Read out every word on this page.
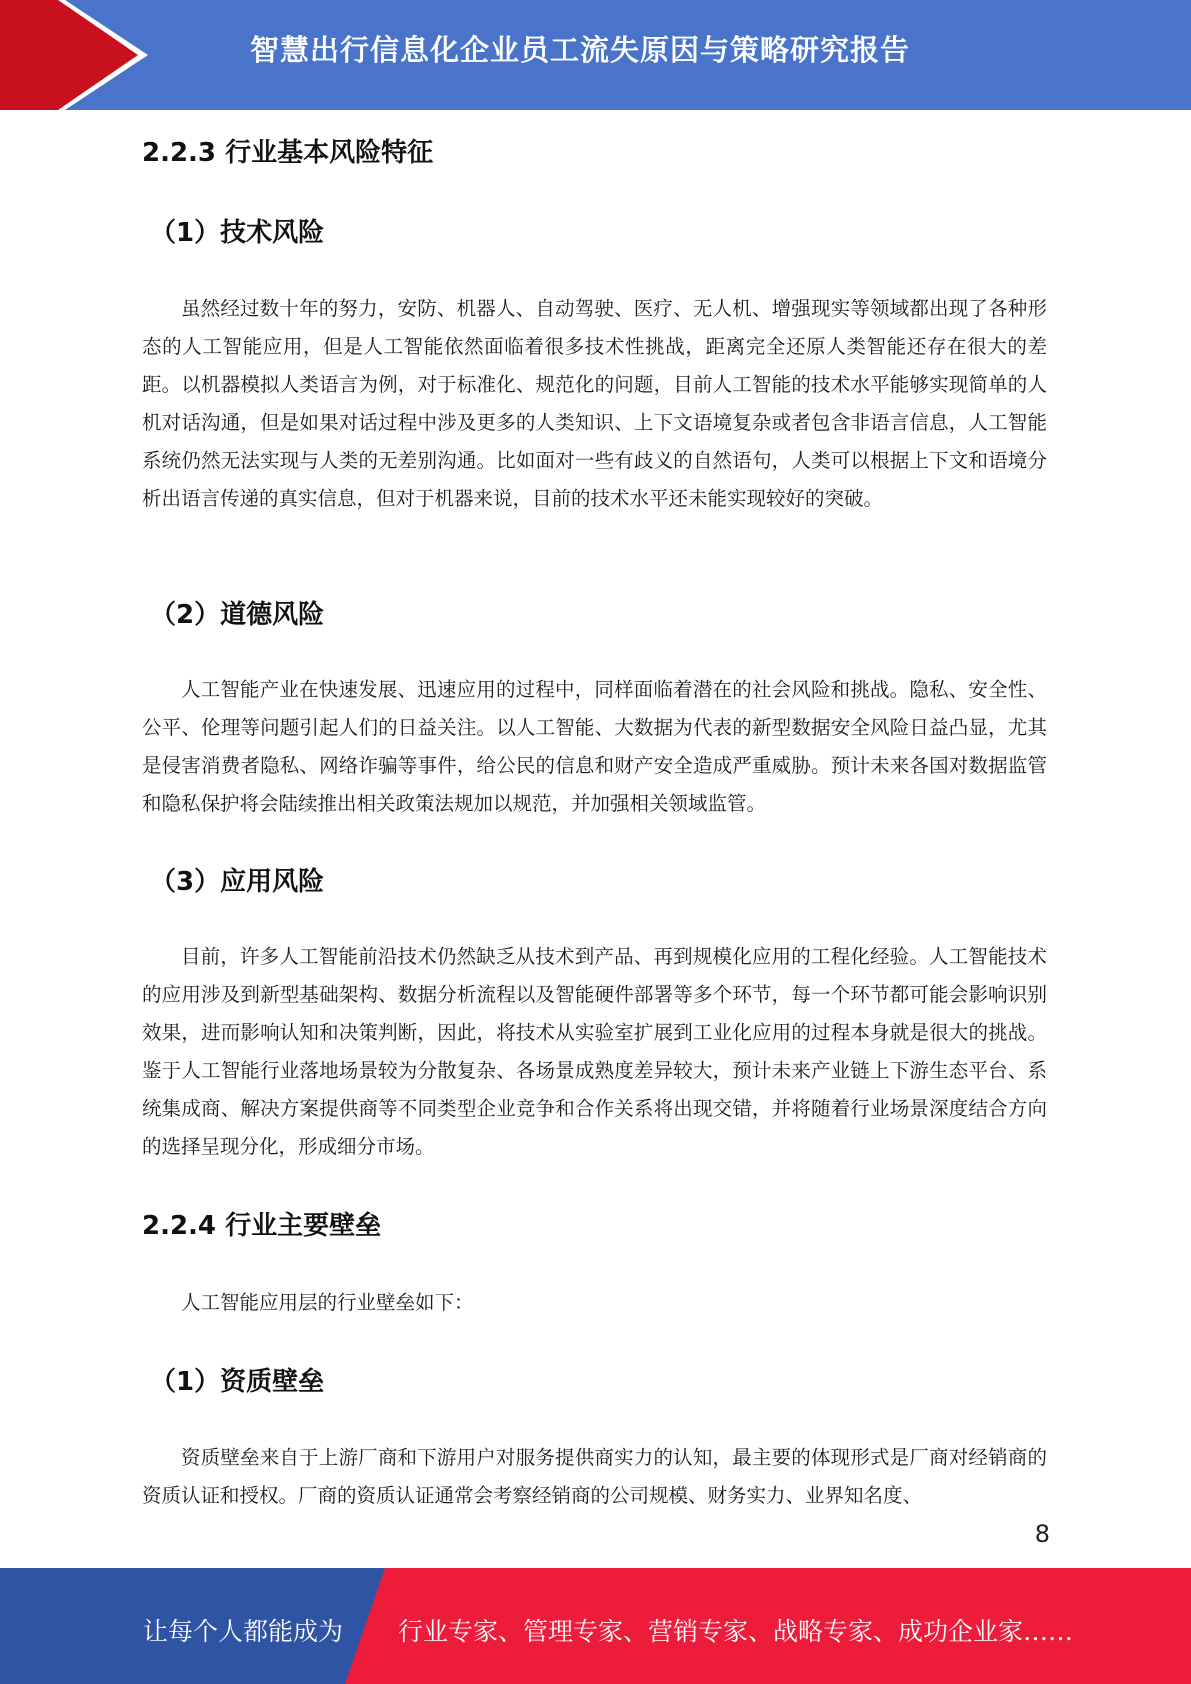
智慧出行信息化企业员工流失原因与策略研究报告
2.2.3 行业基本风险特征
（1）技术风险

虽然经过数十年的努力，安防、机器人、自动驾驶、医疗、无人机、增强现实等领域都出现了各种形态的人工智能应用，但是人工智能依然面临着很多技术性挑战，距离完全还原人类智能还存在很大的差距。以机器模拟人类语言为例，对于标准化、规范化的问题，目前人工智能的技术水平能够实现简单的人机对话沟通，但是如果对话过程中涉及更多的人类知识、上下文语境复杂或者包含非语言信息，人工智能系统仍然无法实现与人类的无差别沟通。比如面对一些有歧义的自然语句，人类可以根据上下文和语境分析出语言传递的真实信息，但对于机器来说，目前的技术水平还未能实现较好的突破。

（2）道德风险

人工智能产业在快速发展、迅速应用的过程中，同样面临着潜在的社会风险和挑战。隐私、安全性、公平、伦理等问题引起人们的日益关注。以人工智能、大数据为代表的新型数据安全风险日益凸显，尤其是侵害消费者隐私、网络诈骗等事件，给公民的信息和财产安全造成严重威胁。预计未来各国对数据监管和隐私保护将会陆续推出相关政策法规加以规范，并加强相关领域监管。

（3）应用风险

目前，许多人工智能前沿技术仍然缺乏从技术到产品、再到规模化应用的工程化经验。人工智能技术的应用涉及到新型基础架构、数据分析流程以及智能硬件部署等多个环节，每一个环节都可能会影响识别效果，进而影响认知和决策判断，因此，将技术从实验室扩展到工业化应用的过程本身就是很大的挑战。鉴于人工智能行业落地场景较为分散复杂、各场景成熟度差异较大，预计未来产业链上下游生态平台、系统集成商、解决方案提供商等不同类型企业竞争和合作关系将出现交错，并将随着行业场景深度结合方向的选择呈现分化，形成细分市场。

2.2.4 行业主要壁垒

人工智能应用层的行业壁垒如下：

（1）资质壁垒

资质壁垒来自于上游厂商和下游用户对服务提供商实力的认知，最主要的体现形式是厂商对经销商的资质认证和授权。厂商的资质认证通常会考察经销商的公司规模、财务实力、业界知名度、

8
让每个人都能成为 行业专家、管理专家、营销专家、战略专家、成功企业家……
